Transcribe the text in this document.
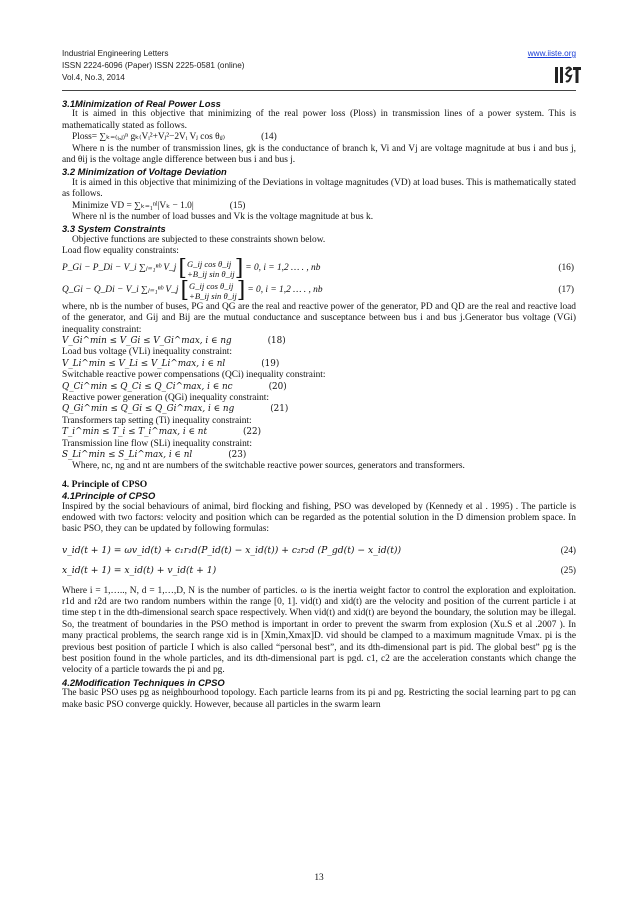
Industrial Engineering Letters
ISSN 2224-6096 (Paper) ISSN 2225-0581 (online)
Vol.4, No.3, 2014
www.iiste.org

3.1Minimization of Real Power Loss

It is aimed in this objective that minimizing of the real power loss (Ploss) in transmission lines of a power system. This is mathematically stated as follows.

Ploss= ∑ₖ₌₍ᵢ,ⱼ₎ⁿ gₖ₍Vᵢ²+Vⱼ²−2Vᵢ Vⱼ cos θᵢⱼ₎	(14)

Where n is the number of transmission lines, gk is the conductance of branch k, Vi and Vj are voltage magnitude at bus i and bus j, and θij is the voltage angle difference between bus i and bus j.

3.2 Minimization of Voltage Deviation

It is aimed in this objective that minimizing of the Deviations in voltage magnitudes (VD) at load buses. This is mathematically stated as follows.

Minimize VD = ∑ₖ₌₁ⁿˡ|Vₖ − 1.0|	(15)

Where nl is the number of load busses and Vk is the voltage magnitude at bus k.

3.3 System Constraints

Objective functions are subjected to these constraints shown below.

Load flow equality constraints:

P_Gi − P_Di − V_i ∑ⱼ₌₁ⁿᵇ V_j [ G_ij cos θ_ij
+B_ij sin θ_ij ] = 0, i = 1,2 … . , nb	(16)
Q_Gi − Q_Di − V_i ∑ⱼ₌₁ⁿᵇ V_j [ G_ij cos θ_ij
+B_ij sin θ_ij ] = 0, i = 1,2 … . , nb	(17)

where, nb is the number of buses, PG and QG are the real and reactive power of the generator, PD and QD are the real and reactive load of the generator, and Gij and Bij are the mutual conductance and susceptance between bus i and bus j.Generator bus voltage (VGi) inequality constraint:

V_Gi^min ≤ V_Gi ≤ V_Gi^max, i ∈ ng	(18)

Load bus voltage (VLi) inequality constraint:

V_Li^min ≤ V_Li ≤ V_Li^max, i ∈ nl	(19)

Switchable reactive power compensations (QCi) inequality constraint:

Q_Ci^min ≤ Q_Ci ≤ Q_Ci^max, i ∈ nc	(20)

Reactive power generation (QGi) inequality constraint:

Q_Gi^min ≤ Q_Gi ≤ Q_Gi^max, i ∈ ng	(21)

Transformers tap setting (Ti) inequality constraint:

T_i^min ≤ T_i ≤ T_i^max, i ∈ nt	(22)

Transmission line flow (SLi) inequality constraint:

S_Li^min ≤ S_Li^max, i ∈ nl	(23)

Where, nc, ng and nt are numbers of the switchable reactive power sources, generators and transformers.

4. Principle of CPSO

4.1Principle of CPSO

Inspired by the social behaviours of animal, bird flocking and fishing, PSO was developed by (Kennedy et al . 1995) . The particle is endowed with two factors: velocity and position which can be regarded as the potential solution in the D dimension problem space. In basic PSO, they can be updated by following formulas:

v_id(t + 1) = ωv_id(t) + c₁r₁d(P_id(t) − x_id(t)) + c₂r₂d (P_gd(t) − x_id(t))	(24)
x_id(t + 1) = x_id(t) + v_id(t + 1)	(25)

Where i = 1,….., N, d = 1,…,D, N is the number of particles. ω is the inertia weight factor to control the exploration and exploitation. r1d and r2d are two random numbers within the range [0, 1]. vid(t) and xid(t) are the velocity and position of the current particle i at time step t in the dth-dimensional search space respectively. When vid(t) and xid(t) are beyond the boundary, the solution may be illegal. So, the treatment of boundaries in the PSO method is important in order to prevent the swarm from explosion (Xu.S et al .2007 ). In many practical problems, the search range xid is in [Xmin,Xmax]D. vid should be clamped to a maximum magnitude Vmax. pi is the previous best position of particle I which is also called “personal best”, and its dth-dimensional part is pid. The global best” pg is the best position found in the whole particles, and its dth-dimensional part is pgd. c1, c2 are the acceleration constants which change the velocity of a particle towards the pi and pg.

4.2Modification Techniques in CPSO

The basic PSO uses pg as neighbourhood topology. Each particle learns from its pi and pg. Restricting the social learning part to pg can make basic PSO converge quickly. However, because all particles in the swarm learn

13
